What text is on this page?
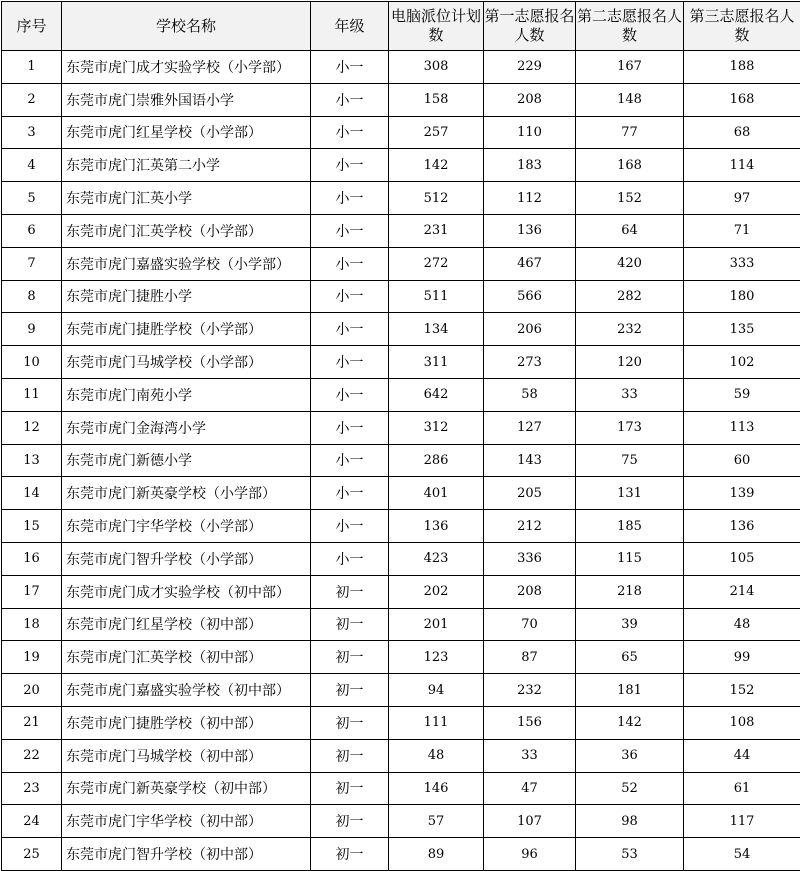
序号	学校名称	年级	电脑派位计划数	第一志愿报名人数	第二志愿报名人数	第三志愿报名人数
1	东莞市虎门成才实验学校（小学部）	小一	308	229	167	188
2	东莞市虎门崇雅外国语小学	小一	158	208	148	168
3	东莞市虎门红星学校（小学部）	小一	257	110	77	68
4	东莞市虎门汇英第二小学	小一	142	183	168	114
5	东莞市虎门汇英小学	小一	512	112	152	97
6	东莞市虎门汇英学校（小学部）	小一	231	136	64	71
7	东莞市虎门嘉盛实验学校（小学部）	小一	272	467	420	333
8	东莞市虎门捷胜小学	小一	511	566	282	180
9	东莞市虎门捷胜学校（小学部）	小一	134	206	232	135
10	东莞市虎门马城学校（小学部）	小一	311	273	120	102
11	东莞市虎门南苑小学	小一	642	58	33	59
12	东莞市虎门金海湾小学	小一	312	127	173	113
13	东莞市虎门新德小学	小一	286	143	75	60
14	东莞市虎门新英豪学校（小学部）	小一	401	205	131	139
15	东莞市虎门宇华学校（小学部）	小一	136	212	185	136
16	东莞市虎门智升学校（小学部）	小一	423	336	115	105
17	东莞市虎门成才实验学校（初中部）	初一	202	208	218	214
18	东莞市虎门红星学校（初中部）	初一	201	70	39	48
19	东莞市虎门汇英学校（初中部）	初一	123	87	65	99
20	东莞市虎门嘉盛实验学校（初中部）	初一	94	232	181	152
21	东莞市虎门捷胜学校（初中部）	初一	111	156	142	108
22	东莞市虎门马城学校（初中部）	初一	48	33	36	44
23	东莞市虎门新英豪学校（初中部）	初一	146	47	52	61
24	东莞市虎门宇华学校（初中部）	初一	57	107	98	117
25	东莞市虎门智升学校（初中部）	初一	89	96	53	54
